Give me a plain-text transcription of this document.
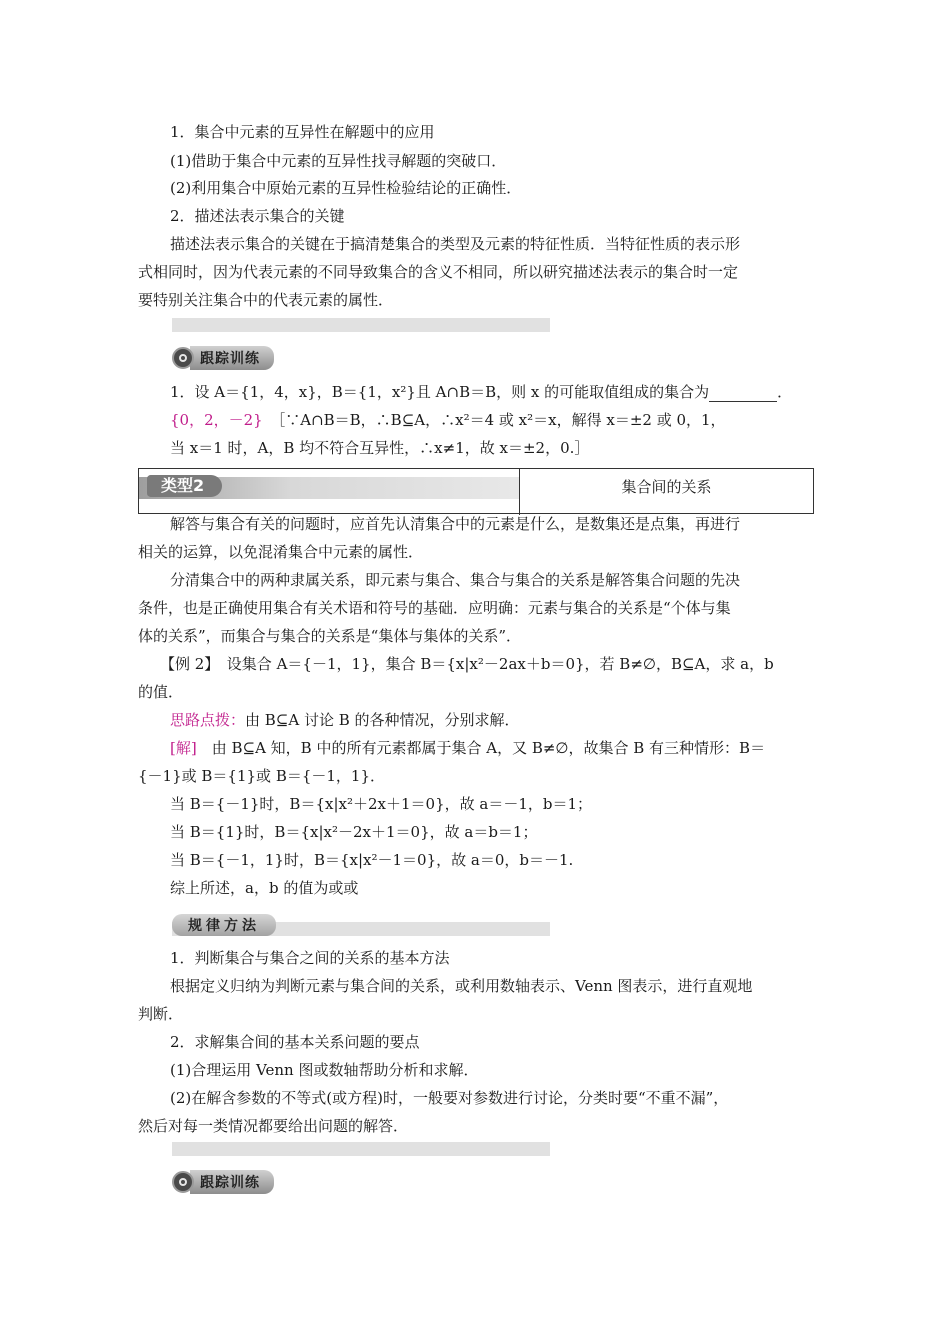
1．集合中元素的互异性在解题中的应用
(1)借助于集合中元素的互异性找寻解题的突破口．
(2)利用集合中原始元素的互异性检验结论的正确性．
2．描述法表示集合的关键
描述法表示集合的关键在于搞清楚集合的类型及元素的特征性质．当特征性质的表示形
式相同时，因为代表元素的不同导致集合的含义不相同，所以研究描述法表示的集合时一定
要特别关注集合中的代表元素的属性．
跟踪训练
1．设 A＝{1，4，x}，B＝{1，x²}且 A∩B＝B，则 x 的可能取值组成的集合为	．
{0，2，－2}　 ［∵A∩B＝B，∴B⊆A，∴x²＝4 或 x²＝x，解得 x＝±2 或 0，1，
当 x＝1 时，A，B 均不符合互异性，∴x≠1，故 x＝±2，0.］
类型2	集合间的关系
解答与集合有关的问题时，应首先认清集合中的元素是什么，是数集还是点集，再进行
相关的运算，以免混淆集合中元素的属性．
分清集合中的两种隶属关系，即元素与集合、集合与集合的关系是解答集合问题的先决
条件，也是正确使用集合有关术语和符号的基础．应明确：元素与集合的关系是“个体与集
体的关系”，而集合与集合的关系是“集体与集体的关系”．
【例 2】　设集合 A＝{－1，1}，集合 B＝{x|x²－2ax＋b＝0}，若 B≠∅，B⊆A，求 a，b
的值．
思路点拨：由 B⊆A 讨论 B 的各种情况，分别求解．
[解]　由 B⊆A 知，B 中的所有元素都属于集合 A，又 B≠∅，故集合 B 有三种情形：B＝
{－1}或 B＝{1}或 B＝{－1，1}．
当 B＝{－1}时，B＝{x|x²＋2x＋1＝0}，故 a＝－1，b＝1；
当 B＝{1}时，B＝{x|x²－2x＋1＝0}，故 a＝b＝1；
当 B＝{－1，1}时，B＝{x|x²－1＝0}，故 a＝0，b＝－1.
综上所述，a，b 的值为或或
规律方法
1．判断集合与集合之间的关系的基本方法
根据定义归纳为判断元素与集合间的关系，或利用数轴表示、Venn 图表示，进行直观地
判断．
2．求解集合间的基本关系问题的要点
(1)合理运用 Venn 图或数轴帮助分析和求解．
(2)在解含参数的不等式(或方程)时，一般要对参数进行讨论，分类时要“不重不漏”，
然后对每一类情况都要给出问题的解答．
跟踪训练
